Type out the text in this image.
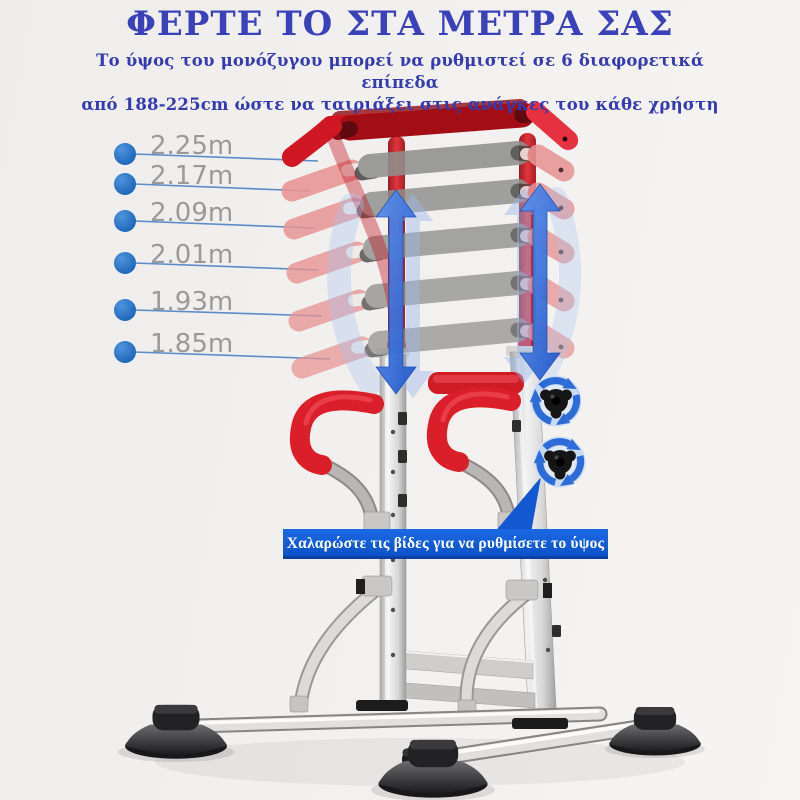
ΦΕΡΤΕ ΤΟ ΣΤΑ ΜΕΤΡΑ ΣΑΣ

Το ύψος του μονόζυγου μπορεί να ρυθμιστεί σε 6 διαφορετικά επίπεδα
από 188-225cm ώστε να ταιριάξει στις ανάγκες του κάθε χρήστη

2.25m
2.17m
2.09m
2.01m
1.93m
1.85m
Χαλαρώστε τις βίδες για να ρυθμίσετε το ύψος
